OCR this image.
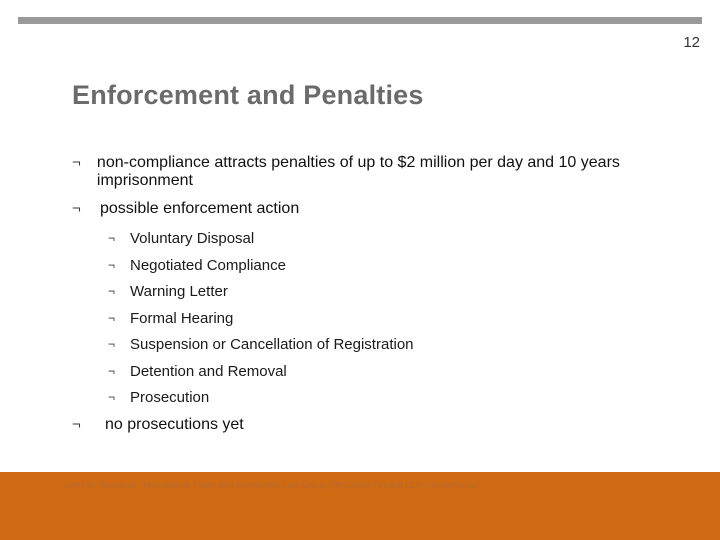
12
Enforcement and Penalties
¬	non-compliance attracts penalties of up to $2 million per day and 10 years imprisonment
¬	possible enforcement action
¬ Voluntary Disposal
¬ Negotiated Compliance
¬ Warning Letter
¬ Formal Hearing
¬ Suspension or Cancellation of Registration
¬ Detention and Removal
¬ Prosecution
¬	no prosecutions yet
John W. Boscariol, International Trade and Investment Law Group, McCarthy Tétrault LLP / mccarthy.ca
